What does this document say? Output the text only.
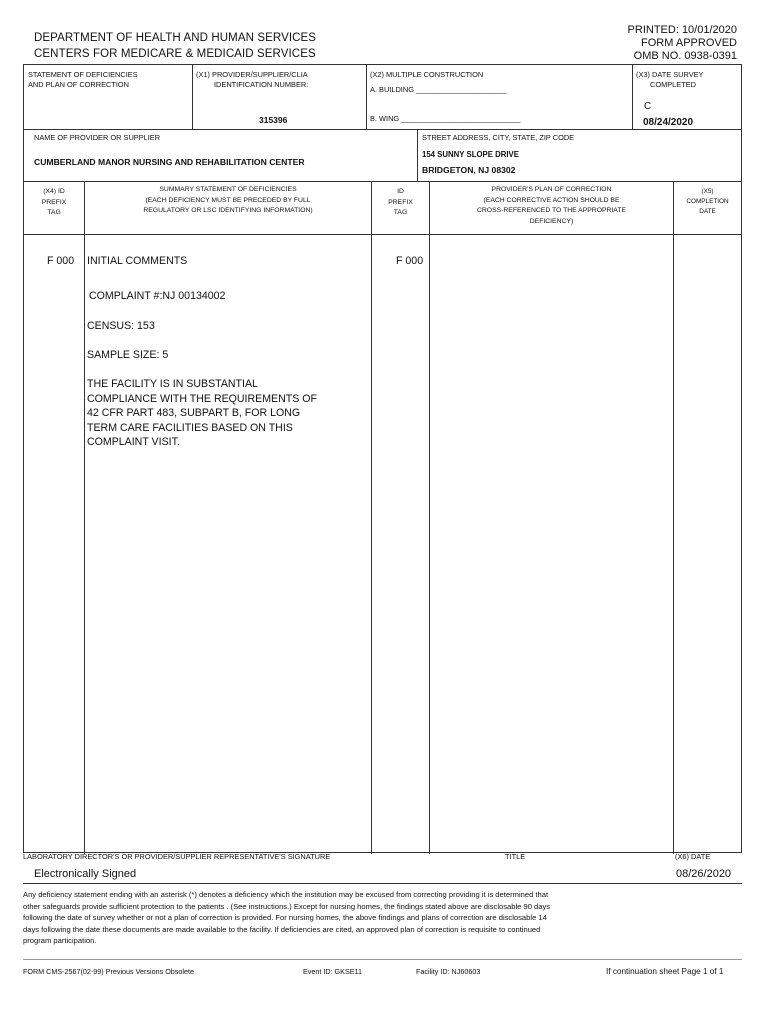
DEPARTMENT OF HEALTH AND HUMAN SERVICES
CENTERS FOR MEDICARE & MEDICAID SERVICES
PRINTED: 10/01/2020
FORM APPROVED
OMB NO. 0938-0391
STATEMENT OF DEFICIENCIES
AND PLAN OF CORRECTION
(X1) PROVIDER/SUPPLIER/CLIA
IDENTIFICATION NUMBER:
315396
(X2) MULTIPLE CONSTRUCTION
A. BUILDING ______________________
B. WING _____________________________
(X3) DATE SURVEY
COMPLETED
C
08/24/2020
NAME OF PROVIDER OR SUPPLIER
CUMBERLAND MANOR NURSING AND REHABILITATION CENTER
STREET ADDRESS, CITY, STATE, ZIP CODE
154 SUNNY SLOPE DRIVE
BRIDGETON, NJ 08302
(X4) ID
PREFIX
TAG
SUMMARY STATEMENT OF DEFICIENCIES
(EACH DEFICIENCY MUST BE PRECEDED BY FULL
REGULATORY OR LSC IDENTIFYING INFORMATION)
ID
PREFIX
TAG
PROVIDER'S PLAN OF CORRECTION
(EACH CORRECTIVE ACTION SHOULD BE
CROSS-REFERENCED TO THE APPROPRIATE
DEFICIENCY)
(X5)
COMPLETION
DATE
F 000 INITIAL COMMENTS	F 000
COMPLAINT #:NJ 00134002
CENSUS: 153
SAMPLE SIZE: 5
THE FACILITY IS IN SUBSTANTIAL
COMPLIANCE WITH THE REQUIREMENTS OF
42 CFR PART 483, SUBPART B, FOR LONG
TERM CARE FACILITIES BASED ON THIS
COMPLAINT VISIT.
LABORATORY DIRECTOR'S OR PROVIDER/SUPPLIER REPRESENTATIVE'S SIGNATURE	TITLE	(X6) DATE
Electronically Signed	08/26/2020
Any deficiency statement ending with an asterisk (*) denotes a deficiency which the institution may be excused from correcting providing it is determined that
other safeguards provide sufficient protection to the patients . (See instructions.) Except for nursing homes, the findings stated above are disclosable 90 days
following the date of survey whether or not a plan of correction is provided. For nursing homes, the above findings and plans of correction are disclosable 14
days following the date these documents are made available to the facility. If deficiencies are cited, an approved plan of correction is requisite to continued
program participation.
FORM CMS-2567(02-99) Previous Versions Obsolete	Event ID: GKSE11	Facility ID: NJ60603	If continuation sheet Page 1 of 1
